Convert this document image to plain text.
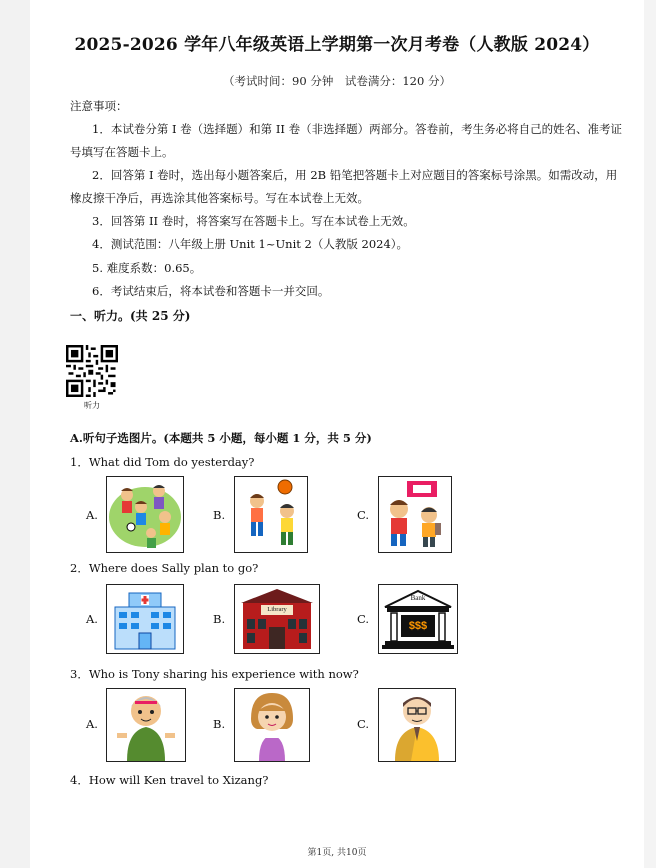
2025-2026 学年八年级英语上学期第一次月考卷（人教版 2024）
（考试时间：90 分钟　试卷满分：120 分）
注意事项：
1．本试卷分第 I 卷（选择题）和第 II 卷（非选择题）两部分。答卷前，考生务必将自己的姓名、准考证号填写在答题卡上。
2．回答第 I 卷时，选出每小题答案后，用 2B 铅笔把答题卡上对应题目的答案标号涂黑。如需改动，用橡皮擦干净后，再选涂其他答案标号。写在本试卷上无效。
3．回答第 II 卷时，将答案写在答题卡上。写在本试卷上无效。
4．测试范围：八年级上册 Unit 1~Unit 2（人教版 2024）。
5. 难度系数：0.65。
6．考试结束后，将本试卷和答题卡一并交回。
一、听力。(共 25 分)
听力
A.听句子选图片。(本题共 5 小题，每小题 1 分，共 5 分)
1．What did Tom do yesterday?
A.	B.	C.
2．Where does Sally plan to go?
A.	B.
Library
C.
Bank
$$$
3．Who is Tony sharing his experience with now?
A.	B.	C.
4．How will Ken travel to Xizang?
第1页, 共10页
